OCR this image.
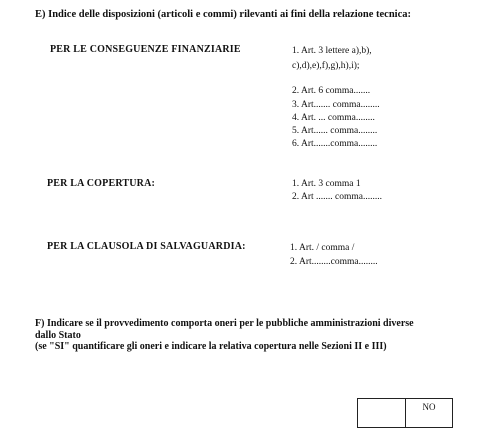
E) Indice delle disposizioni (articoli e commi) rilevanti ai fini della relazione tecnica:
PER LE CONSEGUENZE FINANZIARIE	1. Art. 3 lettere a),b),
c),d),e),f),g),h),i);
2. Art. 6 comma.......
3. Art....... comma........
4. Art. ... comma........
5. Art...... comma........
6. Art.......comma........
PER LA COPERTURA:	1. Art. 3 comma 1
2. Art ....... comma........
PER LA CLAUSOLA DI SALVAGUARDIA:	1. Art. / comma /
2. Art........comma........
F) Indicare se il provvedimento comporta oneri per le pubbliche amministrazioni diverse
dallo Stato
(se "SI" quantificare gli oneri e indicare la relativa copertura nelle Sezioni II e III)
NO
